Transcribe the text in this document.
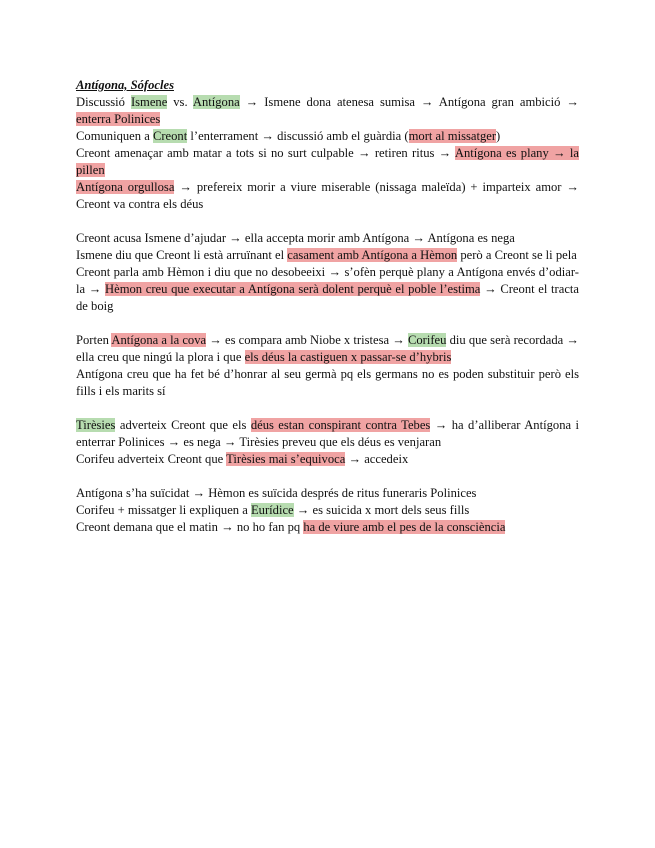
Antígona, Sófocles

Discussió Ismene vs. Antígona → Ismene dona atenesa sumisa → Antígona gran ambició → enterra Polinices

Comuniquen a Creont l’enterrament → discussió amb el guàrdia (mort al missatger)

Creont amenaçar amb matar a tots si no surt culpable → retiren ritus → Antígona es plany → la pillen

Antígona orgullosa → prefereix morir a viure miserable (nissaga maleïda) + imparteix amor → Creont va contra els déus

Creont acusa Ismene d’ajudar → ella accepta morir amb Antígona → Antígona es nega

Ismene diu que Creont li està arruïnant el casament amb Antígona a Hèmon però a Creont se li pela

Creont parla amb Hèmon i diu que no desobeeixi → s’ofèn perquè plany a Antígona envés d’odiar-la → Hèmon creu que executar a Antígona serà dolent perquè el poble l’estima → Creont el tracta de boig

Porten Antígona a la cova → es compara amb Niobe x tristesa → Corifeu diu que serà recordada → ella creu que ningú la plora i que els déus la castiguen x passar-se d’hybris

Antígona creu que ha fet bé d’honrar al seu germà pq els germans no es poden substituir però els fills i els marits sí

Tirèsies adverteix Creont que els déus estan conspirant contra Tebes → ha d’alliberar Antígona i enterrar Polinices → es nega → Tirèsies preveu que els déus es venjaran

Corifeu adverteix Creont que Tirèsies mai s’equivoca → accedeix

Antígona s’ha suïcidat → Hèmon es suïcida després de ritus funeraris Polinices

Corifeu + missatger li expliquen a Eurídice → es suicida x mort dels seus fills

Creont demana que el matin → no ho fan pq ha de viure amb el pes de la consciència
